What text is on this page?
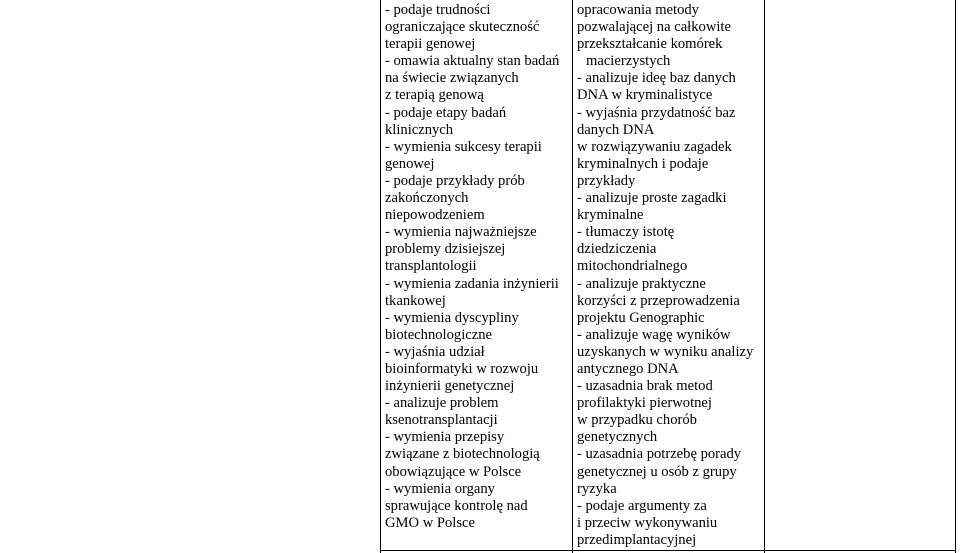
- podaje trudności
ograniczające skuteczność
terapii genowej
- omawia aktualny stan badań
na świecie związanych
z terapią genową
- podaje etapy badań
klinicznych
- wymienia sukcesy terapii
genowej
- podaje przykłady prób
zakończonych
niepowodzeniem
- wymienia najważniejsze
problemy dzisiejszej
transplantologii
- wymienia zadania inżynierii
tkankowej
- wymienia dyscypliny
biotechnologiczne
- wyjaśnia udział
bioinformatyki w rozwoju
inżynierii genetycznej
- analizuje problem
ksenotransplantacji
- wymienia przepisy
związane z biotechnologią
obowiązujące w Polsce
- wymienia organy
sprawujące kontrolę nad
GMO w Polsce
opracowania metody
pozwalającej na całkowite
przekształcanie komórek
macierzystych
- analizuje ideę baz danych
DNA w kryminalistyce
- wyjaśnia przydatność baz
danych DNA
w rozwiązywaniu zagadek
kryminalnych i podaje
przykłady
- analizuje proste zagadki
kryminalne
- tłumaczy istotę
dziedziczenia
mitochondrialnego
- analizuje praktyczne
korzyści z przeprowadzenia
projektu Genographic
- analizuje wagę wyników
uzyskanych w wyniku analizy
antycznego DNA
- uzasadnia brak metod
profilaktyki pierwotnej
w przypadku chorób
genetycznych
- uzasadnia potrzebę porady
genetycznej u osób z grupy
ryzyka
- podaje argumenty za
i przeciw wykonywaniu
przedimplantacyjnej
